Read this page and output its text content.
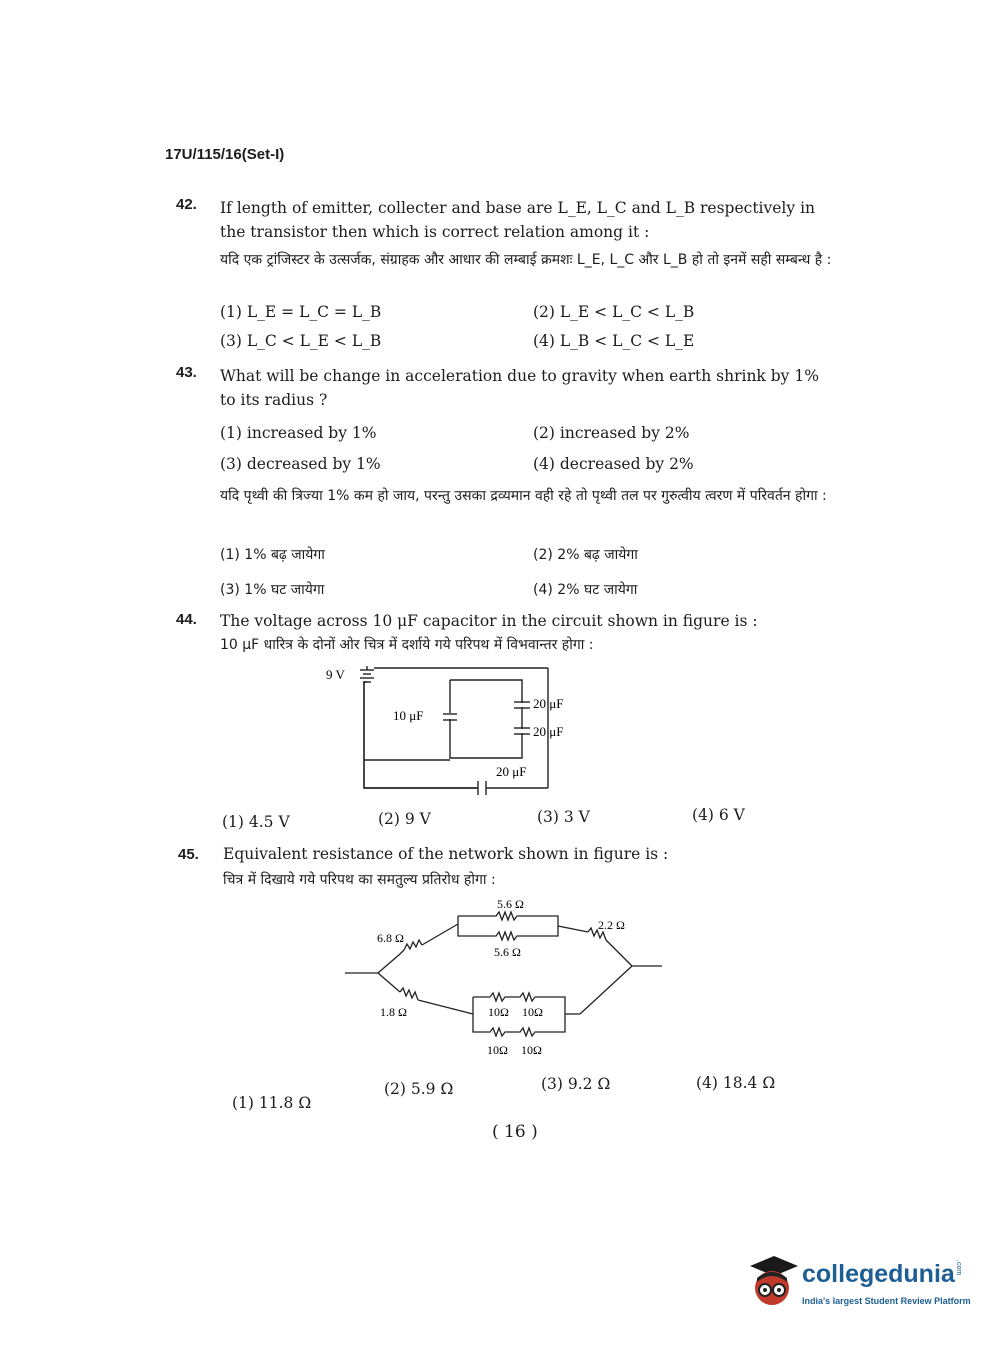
17U/115/16(Set-I)
42. If length of emitter, collecter and base are L_E, L_C and L_B respectively in the transistor then which is correct relation among it :
यदि एक ट्रांजिस्टर के उत्सर्जक, संग्राहक और आधार की लम्बाई क्रमशः L_E, L_C और L_B हो तो इनमें सही सम्बन्ध है :
(1) L_E = L_C = L_B	(2) L_E < L_C < L_B
(3) L_C < L_E < L_B	(4) L_B < L_C < L_E
43. What will be change in acceleration due to gravity when earth shrink by 1% to its radius ?
(1) increased by 1%	(2) increased by 2%
(3) decreased by 1%	(4) decreased by 2%
यदि पृथ्वी की त्रिज्या 1% कम हो जाय, परन्तु उसका द्रव्यमान वही रहे तो पृथ्वी तल पर गुरुत्वीय त्वरण में परिवर्तन होगा :
(1) 1% बढ़ जायेगा	(2) 2% बढ़ जायेगा
(3) 1% घट जायेगा	(4) 2% घट जायेगा
44. The voltage across 10 μF capacitor in the circuit shown in figure is :
10 μF धारित्र के दोनों ओर चित्र में दर्शाये गये परिपथ में विभवान्तर होगा :
9 V
10 μF
20 μF
20 μF
20 μF
(1) 4.5 V	(2) 9 V	(3) 3 V	(4) 6 V
45. Equivalent resistance of the network shown in figure is :
चित्र में दिखाये गये परिपथ का समतुल्य प्रतिरोध होगा :
5.6 Ω
5.6 Ω
6.8 Ω
2.2 Ω
1.8 Ω	10Ω 10Ω
10Ω 10Ω
(1) 11.8 Ω
(2) 5.9 Ω	(3) 9.2 Ω	(4) 18.4 Ω
( 16 )
collegedunia.com
India's largest Student Review Platform
